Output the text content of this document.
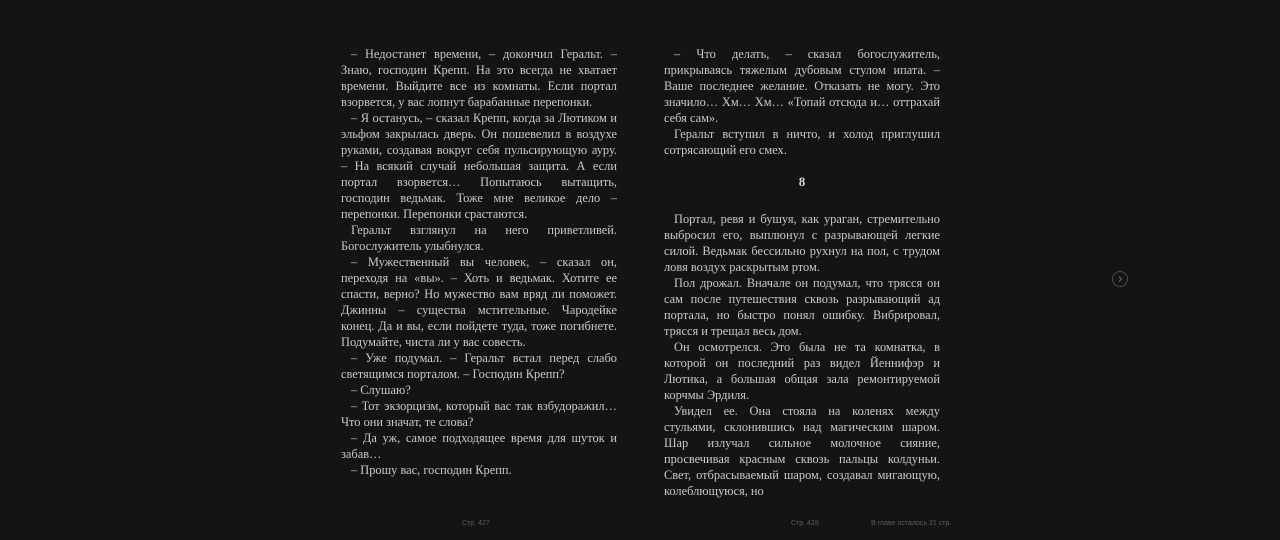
– Недостанет времени, – докончил Геральт. – Знаю, господин Крепп. На это всегда не хватает времени. Выйдите все из комнаты. Если портал взорвется, у вас лопнут барабанные перепонки.

– Я останусь, – сказал Крепп, когда за Лютиком и эльфом закрылась дверь. Он пошевелил в воздухе руками, создавая вокруг себя пульсирующую ауру. – На всякий случай небольшая защита. А если портал взорвется… Попытаюсь вытащить, господин ведьмак. Тоже мне великое дело – перепонки. Перепонки срастаются.

Геральт взглянул на него приветливей. Богослужитель улыбнулся.

– Мужественный вы человек, – сказал он, переходя на «вы». – Хоть и ведьмак. Хотите ее спасти, верно? Но мужество вам вряд ли поможет. Джинны – существа мстительные. Чародейке конец. Да и вы, если пойдете туда, тоже погибнете. Подумайте, чиста ли у вас совесть.

– Уже подумал. – Геральт встал перед слабо светящимся порталом. – Господин Крепп?

– Слушаю?

– Тот экзорцизм, который вас так взбудоражил… Что они значат, те слова?

– Да уж, самое подходящее время для шуток и забав…

– Прошу вас, господин Крепп.

– Что делать, – сказал богослужитель, прикрываясь тяжелым дубовым стулом ипата. – Ваше последнее желание. Отказать не могу. Это значило… Хм… Хм… «Топай отсюда и… оттрахай себя сам».

Геральт вступил в ничто, и холод приглушил сотрясающий его смех.

8

Портал, ревя и бушуя, как ураган, стремительно выбросил его, выплюнул с разрывающей легкие силой. Ведьмак бессильно рухнул на пол, с трудом ловя воздух раскрытым ртом.

Пол дрожал. Вначале он подумал, что трясся он сам после путешествия сквозь разрывающий ад портала, но быстро понял ошибку. Вибрировал, трясся и трещал весь дом.

Он осмотрелся. Это была не та комнатка, в которой он последний раз видел Йеннифэр и Лютика, а большая общая зала ремонтируемой корчмы Эрдиля.

Увидел ее. Она стояла на коленях между стульями, склонившись над магическим шаром. Шар излучал сильное молочное сияние, просвечивая красным сквозь пальцы колдуньи. Свет, отбрасываемый шаром, создавал мигающую, колеблющуюся, но

Стр. 427	Стр. 428	В главе осталось 21 стр.
